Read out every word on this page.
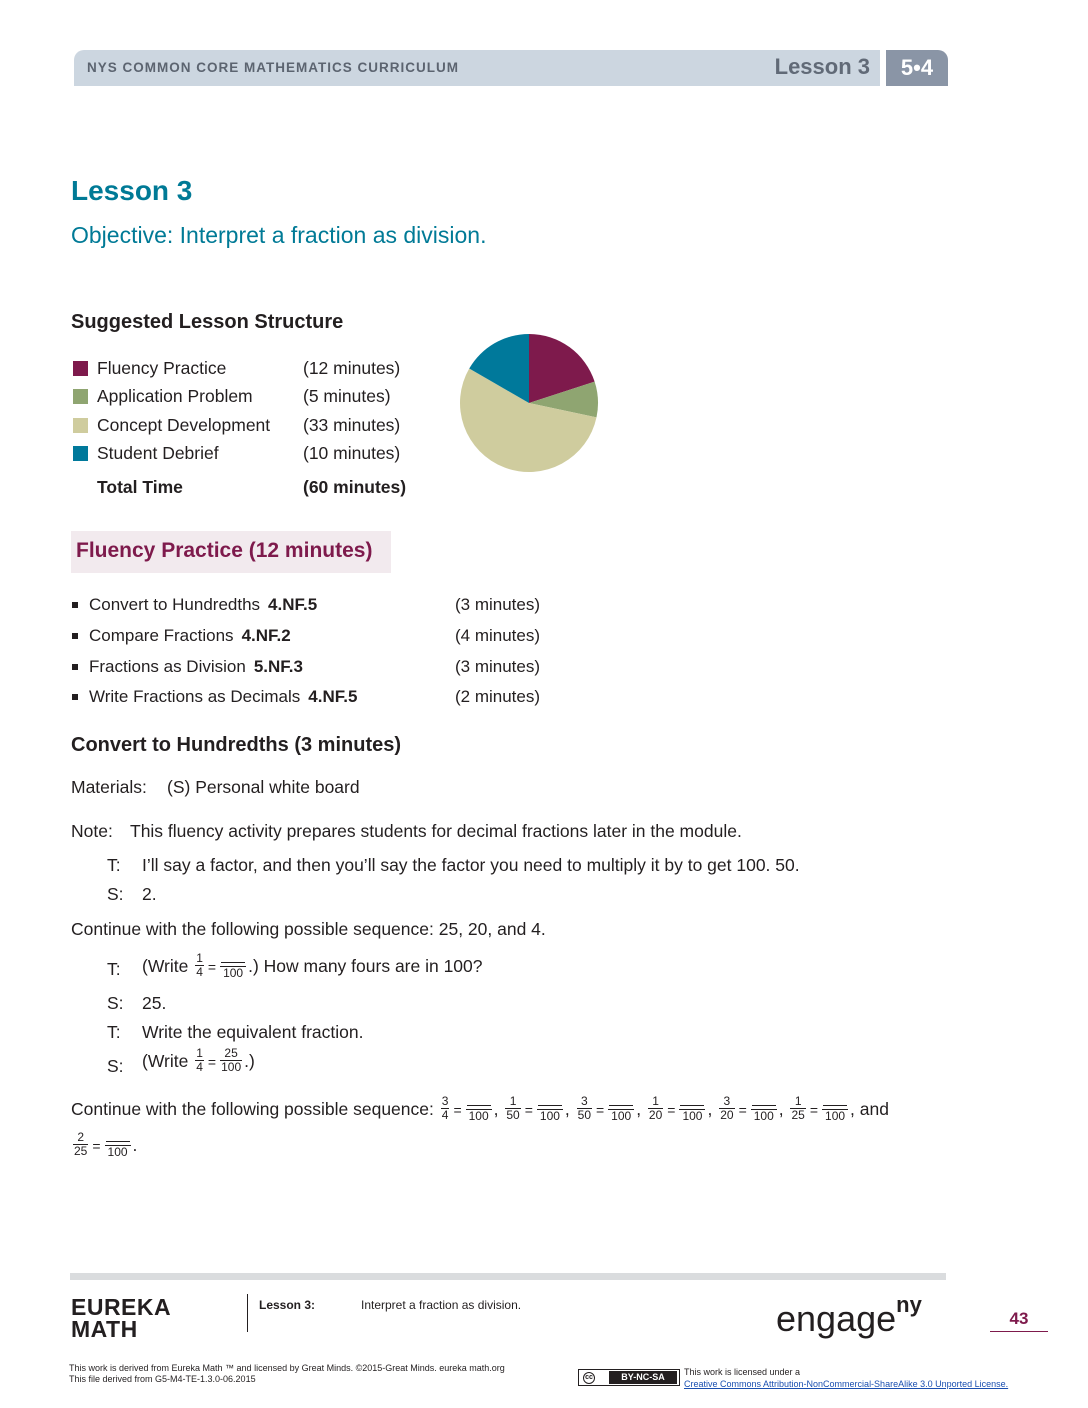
NYS COMMON CORE MATHEMATICS CURRICULUM	Lesson 3	5•4
Lesson 3
Objective: Interpret a fraction as division.
Suggested Lesson Structure
Fluency Practice	(12 minutes)
Application Problem	(5 minutes)
Concept Development (33 minutes)
Student Debrief	(10 minutes)
Total Time	(60 minutes)
Fluency Practice (12 minutes)
Convert to Hundredths 4.NF.5	(3 minutes)
Compare Fractions 4.NF.2	(4 minutes)
Fractions as Division 5.NF.3	(3 minutes)
Write Fractions as Decimals 4.NF.5	(2 minutes)
Convert to Hundredths (3 minutes)
Materials: (S) Personal white board
Note: This fluency activity prepares students for decimal fractions later in the module.
T: I’ll say a factor, and then you’ll say the factor you need to multiply it by to get 100. 50.
S: 2.
Continue with the following possible sequence: 25, 20, and 4.
T: (Write $\frac{1}{4} = 100$ .) How many fours are in 100?
S: 25.
T: Write the equivalent fraction.
S: (Write $\frac{1}{4} = \frac{25}{100}$ .)
Continue with the following possible sequence: $\frac{3}{4} = 100$ , $\frac{1}{50} = 100$ , $\frac{3}{50} = 100$ , $\frac{1}{20} = 100$ , $\frac{3}{20} = 100$ , $\frac{1}{25} = 100$ , and
$\frac{2}{25} = 100$ .
EUREKA
MATH
Lesson 3:	Interpret a fraction as division.	engage$^{ny}$
43
This work is derived from Eureka Math ™ and licensed by Great Minds. ©2015-Great Minds. eureka math.org
This file derived from G5-M4-TE-1.3.0-06.2015	cc	BY-NC-SA	This work is licensed under a
Creative Commons Attribution-NonCommercial-ShareAlike 3.0 Unported License.
